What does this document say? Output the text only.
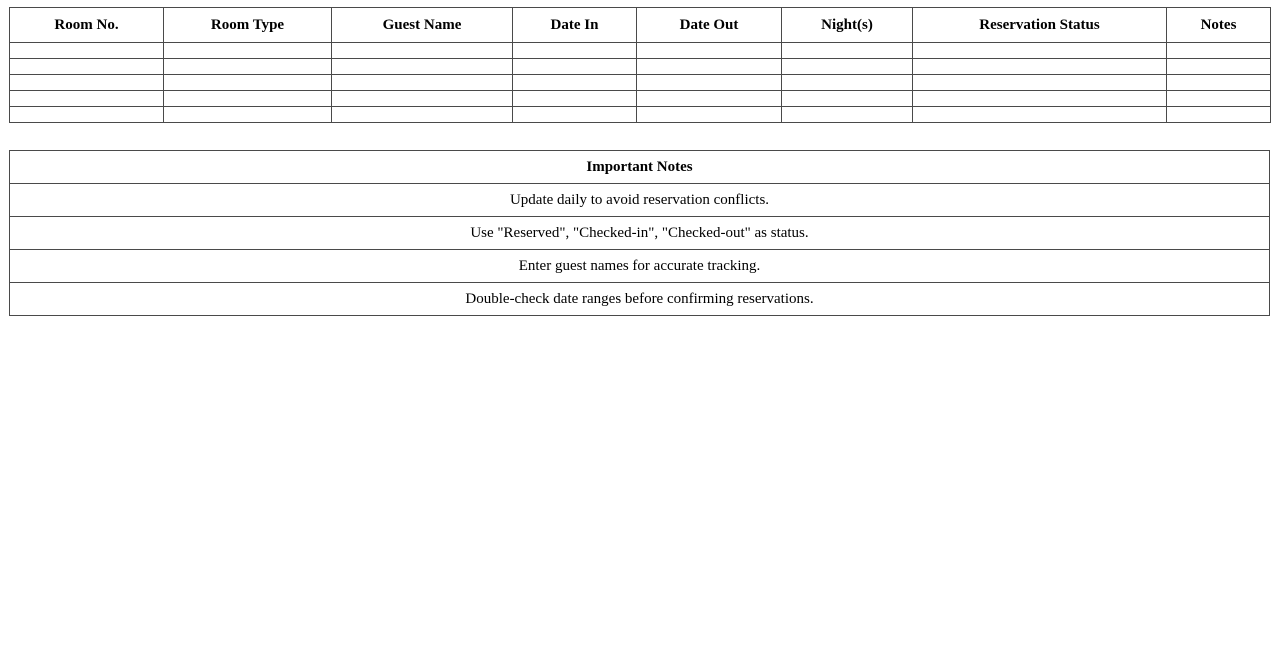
Room No.	Room Type	Guest Name	Date In	Date Out	Night(s)	Reservation Status	Notes

Important Notes
Update daily to avoid reservation conflicts.
Use "Reserved", "Checked-in", "Checked-out" as status.
Enter guest names for accurate tracking.
Double-check date ranges before confirming reservations.
